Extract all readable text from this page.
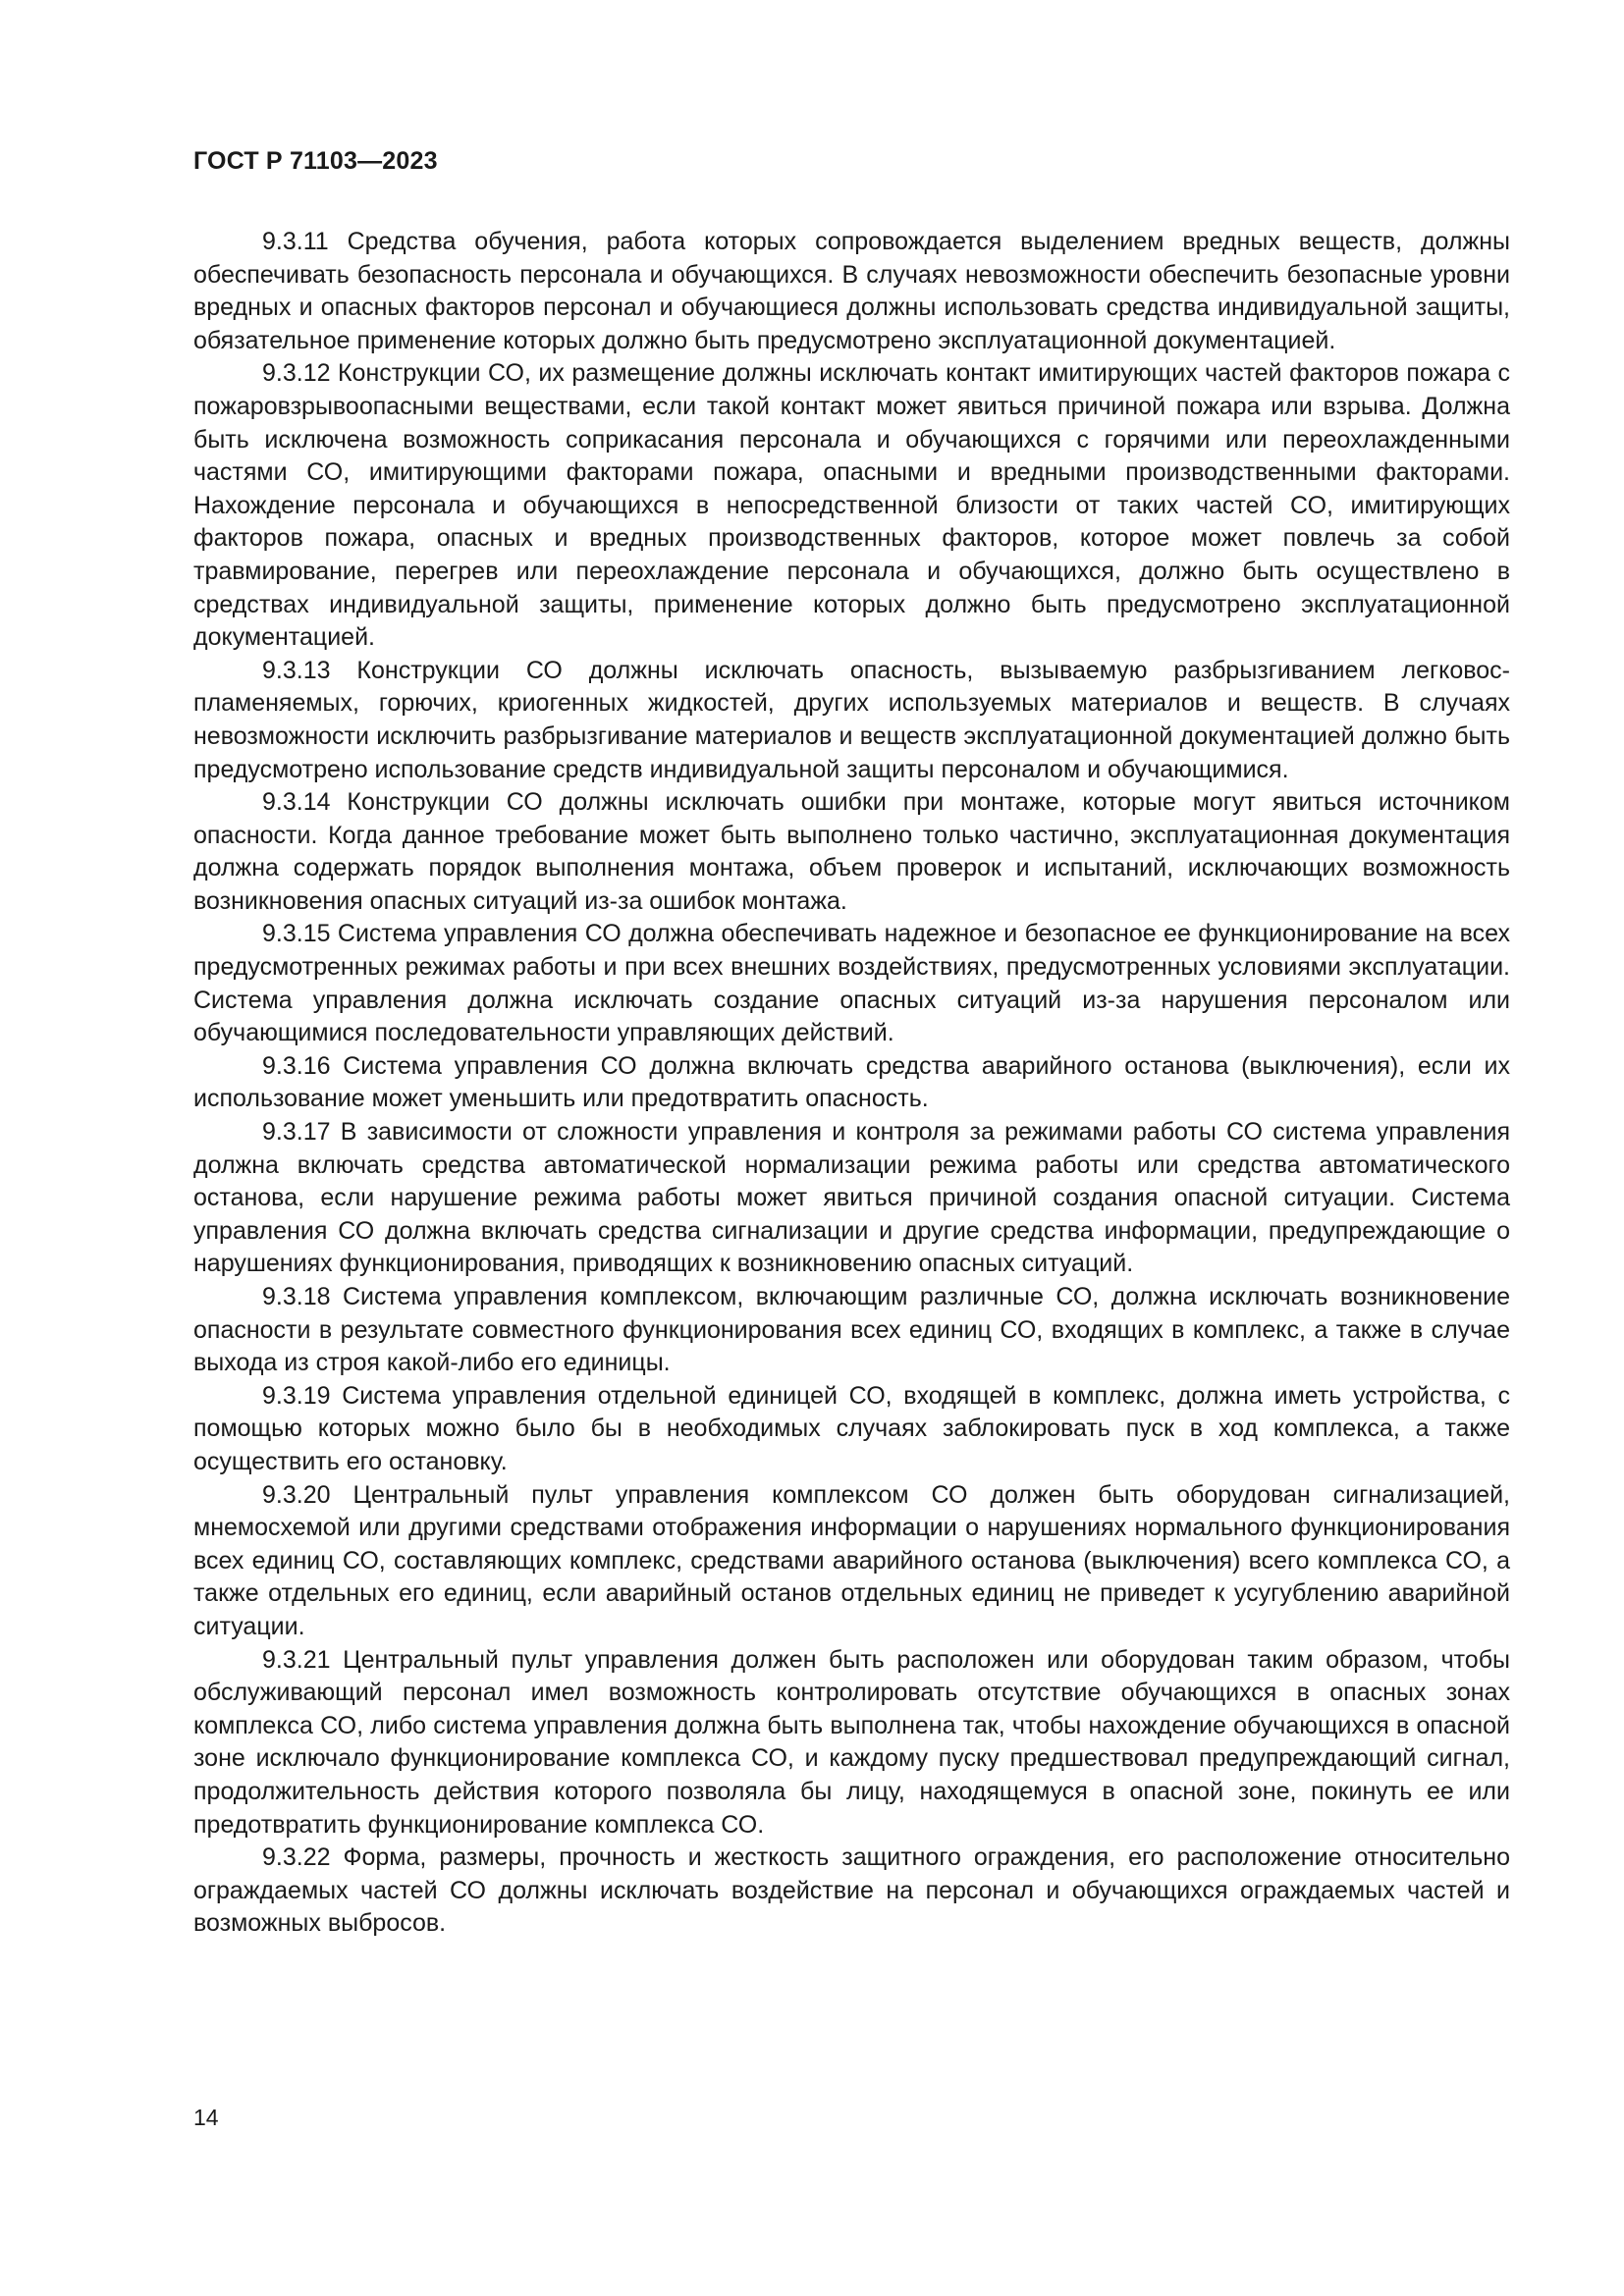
ГОСТ Р 71103—2023

9.3.11 Средства обучения, работа которых сопровождается выделением вредных веществ, должны обеспечивать безопасность персонала и обучающихся. В случаях невозможности обеспечить безопасные уровни вредных и опасных факторов персонал и обучающиеся должны использовать средства индивидуальной защиты, обязательное применение которых должно быть предусмотрено эксплуатационной документацией.

9.3.12 Конструкции СО, их размещение должны исключать контакт имитирующих частей факторов пожара с пожаровзрывоопасными веществами, если такой контакт может явиться причиной пожара или взрыва. Должна быть исключена возможность соприкасания персонала и обучающихся с горячими или переохлажденными частями СО, имитирующими факторами пожара, опасными и вредными производственными факторами. Нахождение персонала и обучающихся в непосредственной близости от таких частей СО, имитирующих факторов пожара, опасных и вредных производственных факторов, которое может повлечь за собой травмирование, перегрев или переохлаждение персонала и обучающихся, должно быть осуществлено в средствах индивидуальной защиты, применение которых должно быть предусмотрено эксплуатационной документацией.

9.3.13 Конструкции СО должны исключать опасность, вызываемую разбрызгиванием легковоспламеняемых, горючих, криогенных жидкостей, других используемых материалов и веществ. В случаях невозможности исключить разбрызгивание материалов и веществ эксплуатационной документацией должно быть предусмотрено использование средств индивидуальной защиты персоналом и обучающимися.

9.3.14 Конструкции СО должны исключать ошибки при монтаже, которые могут явиться источником опасности. Когда данное требование может быть выполнено только частично, эксплуатационная документация должна содержать порядок выполнения монтажа, объем проверок и испытаний, исключающих возможность возникновения опасных ситуаций из-за ошибок монтажа.

9.3.15 Система управления СО должна обеспечивать надежное и безопасное ее функционирование на всех предусмотренных режимах работы и при всех внешних воздействиях, предусмотренных условиями эксплуатации. Система управления должна исключать создание опасных ситуаций из-за нарушения персоналом или обучающимися последовательности управляющих действий.

9.3.16 Система управления СО должна включать средства аварийного останова (выключения), если их использование может уменьшить или предотвратить опасность.

9.3.17 В зависимости от сложности управления и контроля за режимами работы СО система управления должна включать средства автоматической нормализации режима работы или средства автоматического останова, если нарушение режима работы может явиться причиной создания опасной ситуации. Система управления СО должна включать средства сигнализации и другие средства информации, предупреждающие о нарушениях функционирования, приводящих к возникновению опасных ситуаций.

9.3.18 Система управления комплексом, включающим различные СО, должна исключать возникновение опасности в результате совместного функционирования всех единиц СО, входящих в комплекс, а также в случае выхода из строя какой-либо его единицы.

9.3.19 Система управления отдельной единицей СО, входящей в комплекс, должна иметь устройства, с помощью которых можно было бы в необходимых случаях заблокировать пуск в ход комплекса, а также осуществить его остановку.

9.3.20 Центральный пульт управления комплексом СО должен быть оборудован сигнализацией, мнемосхемой или другими средствами отображения информации о нарушениях нормального функционирования всех единиц СО, составляющих комплекс, средствами аварийного останова (выключения) всего комплекса СО, а также отдельных его единиц, если аварийный останов отдельных единиц не приведет к усугублению аварийной ситуации.

9.3.21 Центральный пульт управления должен быть расположен или оборудован таким образом, чтобы обслуживающий персонал имел возможность контролировать отсутствие обучающихся в опасных зонах комплекса СО, либо система управления должна быть выполнена так, чтобы нахождение обучающихся в опасной зоне исключало функционирование комплекса СО, и каждому пуску предшествовал предупреждающий сигнал, продолжительность действия которого позволяла бы лицу, находящемуся в опасной зоне, покинуть ее или предотвратить функционирование комплекса СО.

9.3.22 Форма, размеры, прочность и жесткость защитного ограждения, его расположение относительно ограждаемых частей СО должны исключать воздействие на персонал и обучающихся ограждаемых частей и возможных выбросов.

14
